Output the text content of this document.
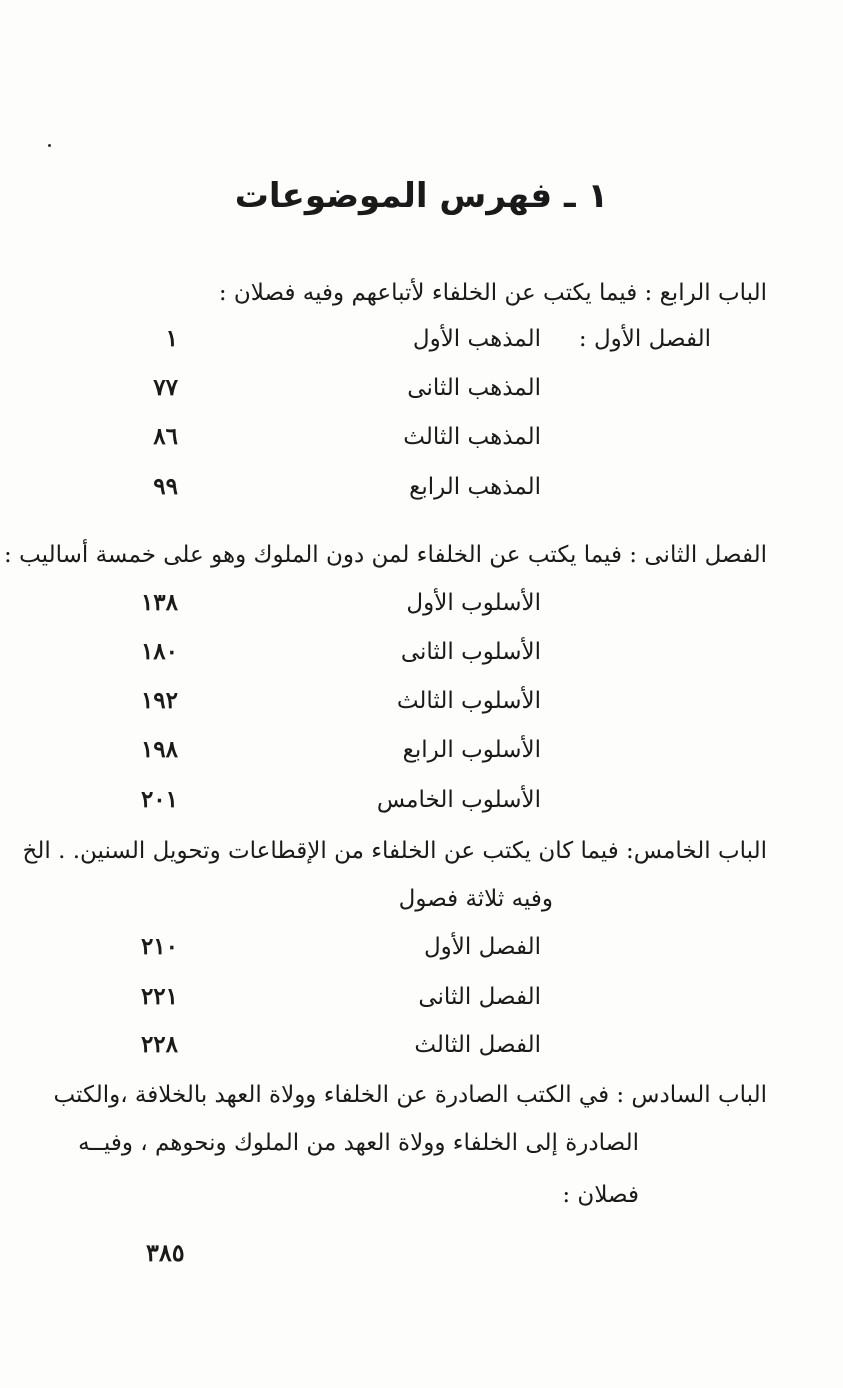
١ ـ فهرس الموضوعات
الباب الرابع : فيما يكتب عن الخلفاء لأتباعهم وفيه فصلان :
الفصل الأول :
المذهب الأول
١
المذهب الثانى
٧٧
المذهب الثالث
٨٦
المذهب الرابع
٩٩
الفصل الثانى : فيما يكتب عن الخلفاء لمن دون الملوك وهو على خمسة أساليب :
الأسلوب الأول
١٣٨
الأسلوب الثانى
١٨٠
الأسلوب الثالث
١٩٢
الأسلوب الرابع
١٩٨
الأسلوب الخامس
٢٠١
الباب الخامس: فيما كان يكتب عن الخلفاء من الإقطاعات وتحويل السنين. . الخ
وفيه ثلاثة فصول
الفصل الأول
٢١٠
الفصل الثانى
٢٢١
الفصل الثالث
٢٢٨
الباب السادس : في الكتب الصادرة عن الخلفاء وولاة العهد بالخلافة ،والكتب
الصادرة إلى الخلفاء وولاة العهد من الملوك ونحوهم ، وفيــه
فصلان :
٣٨٥
